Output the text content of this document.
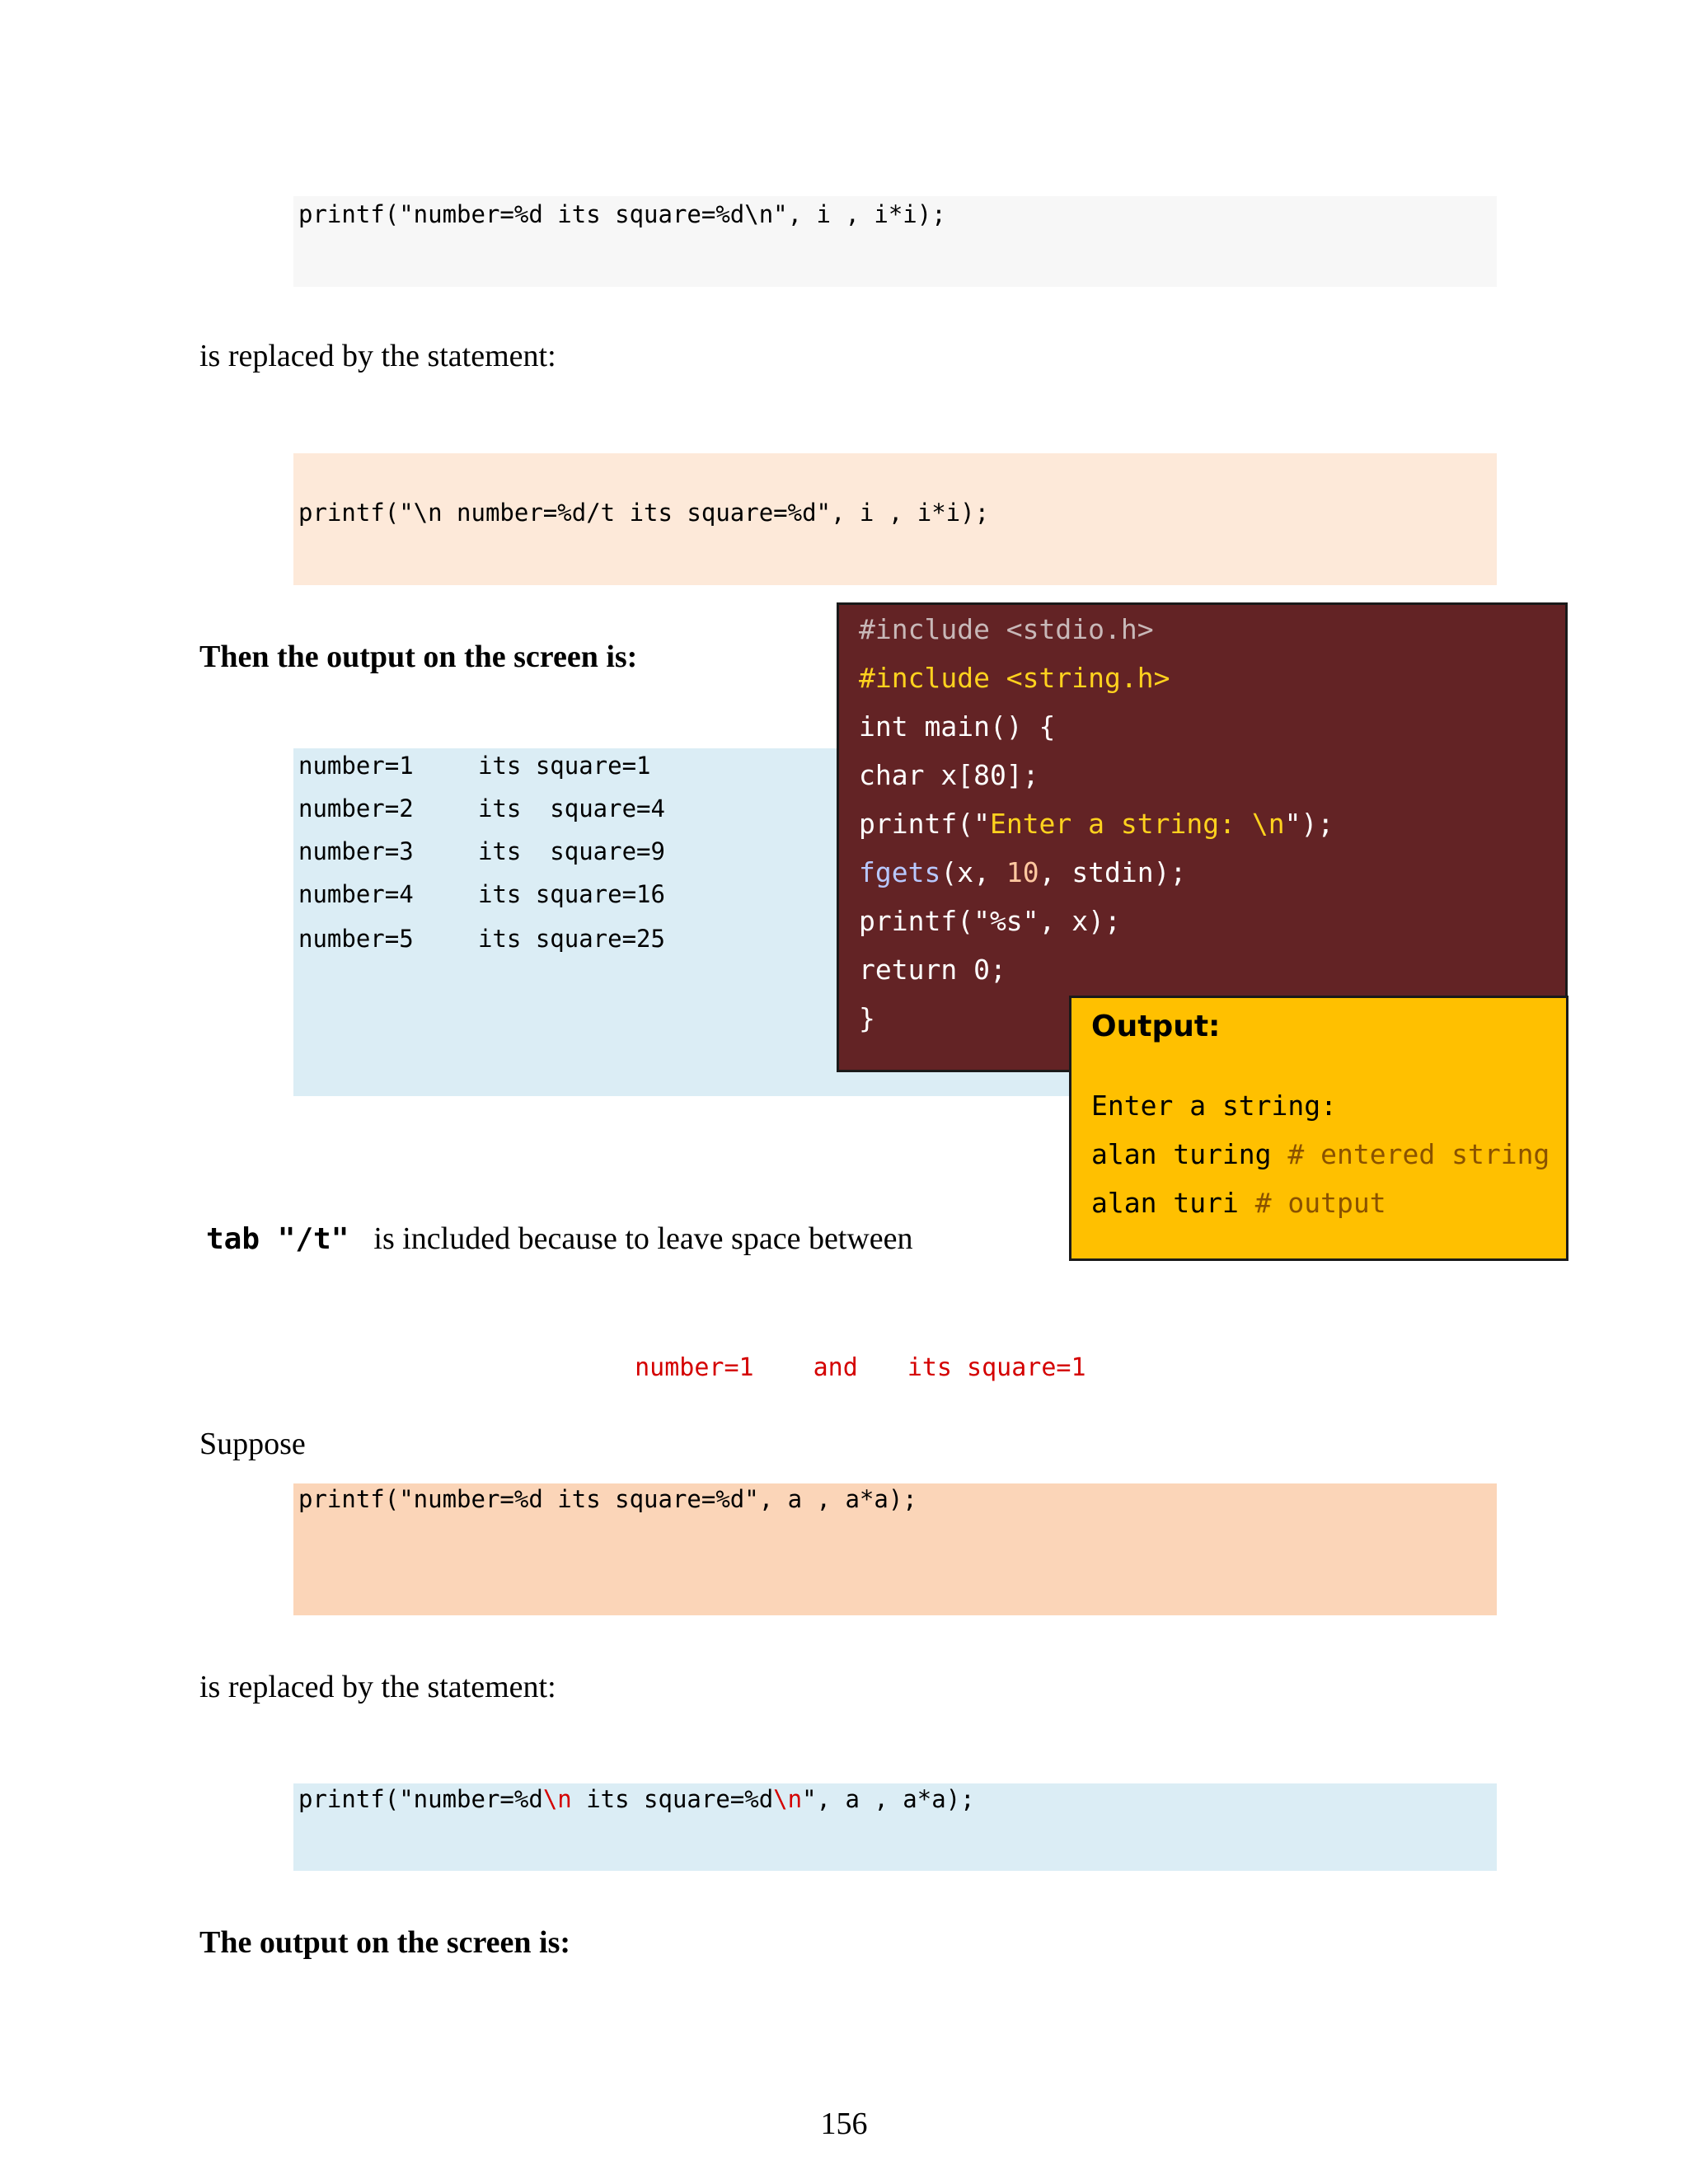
printf("number=%d its square=%d\n", i , i*i);
is replaced by the statement:
printf("\n number=%d/t its square=%d", i , i*i);
Then the output on the screen is:
number=1	its square=1
number=2	its  square=4
number=3	its  square=9
number=4	its square=16
number=5	its square=25
#include <stdio.h>
#include <string.h>
int main() {
char x[80];
printf("Enter a string: \n");
fgets(x, 10, stdin);
printf("%s", x);
return 0;
}	Output:
Enter a string:
alan turing # entered string
alan turi # output

tab "/t" is included because to leave space between

number=1 and its square=1

Suppose
printf("number=%d its square=%d", a , a*a);
is replaced by the statement:
printf("number=%d\n its square=%d\n", a , a*a);
The output on the screen is:
156
